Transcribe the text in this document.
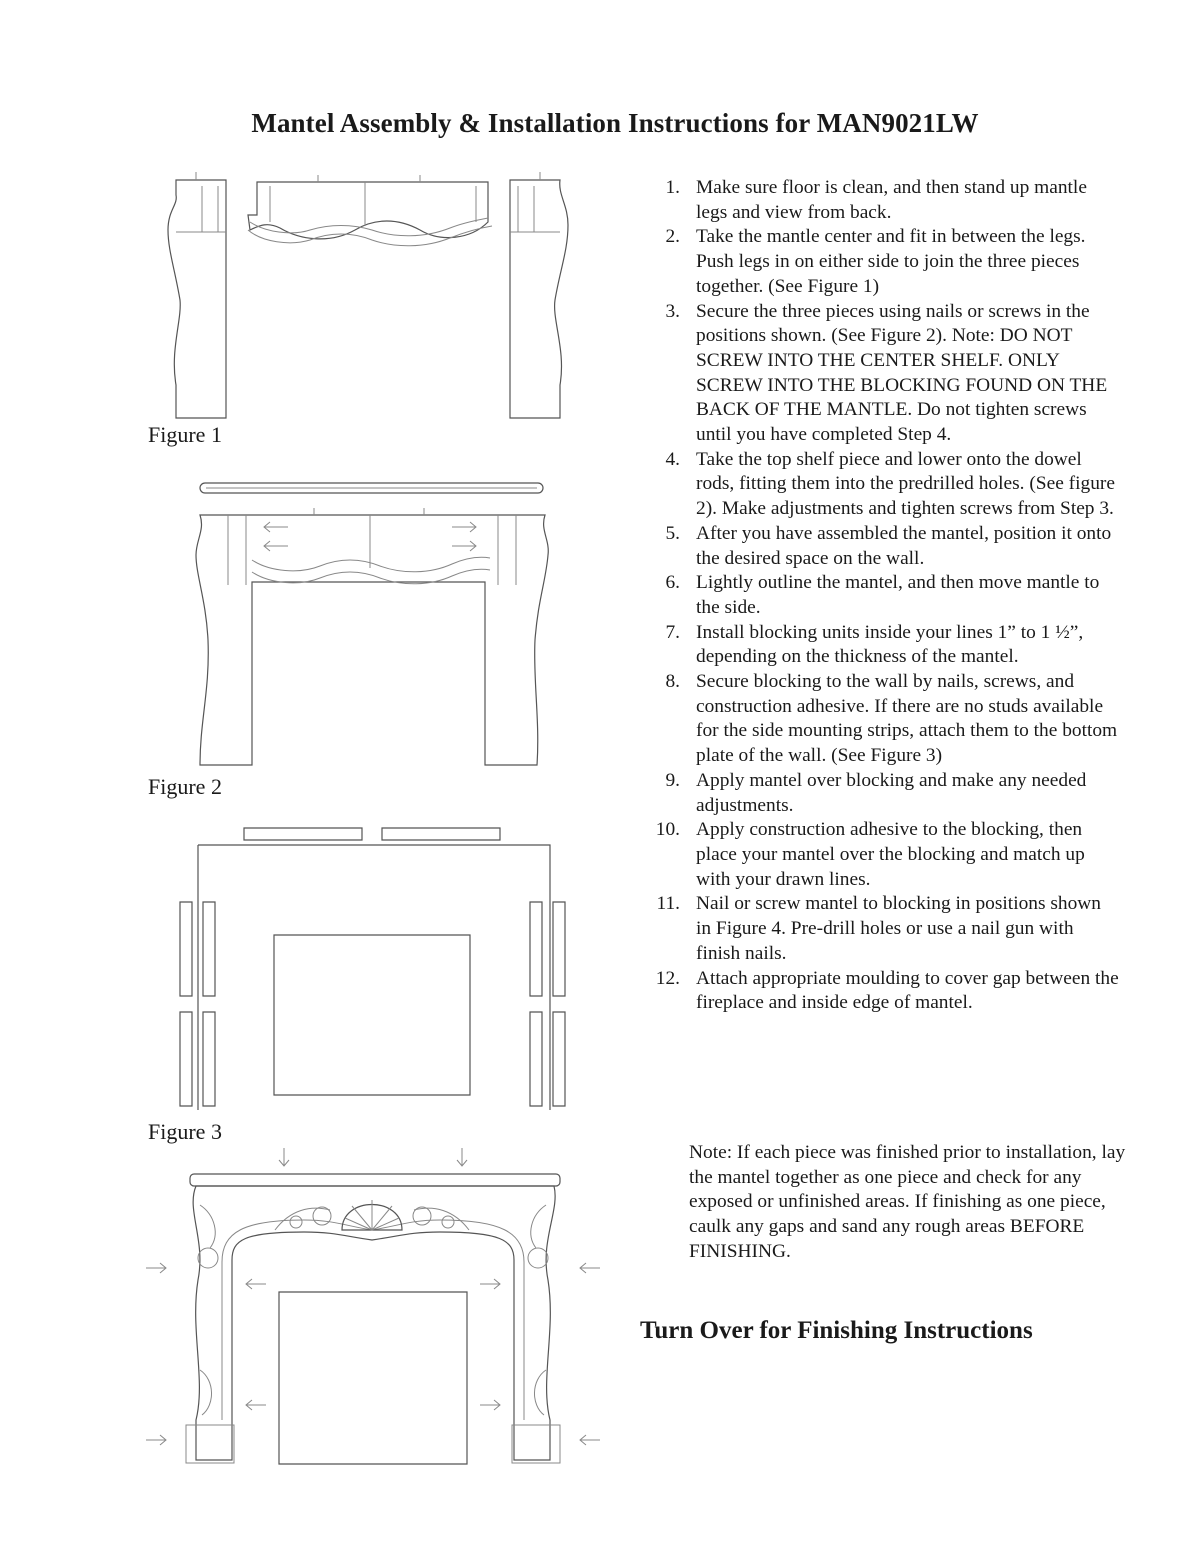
Mantel Assembly & Installation Instructions for MAN9021LW
Figure 1
Figure 2
Figure 3
1. Make sure floor is clean, and then stand up mantle legs and view from back.
2. Take the mantle center and fit in between the legs. Push legs in on either side to join the three pieces together. (See Figure 1)
3. Secure the three pieces using nails or screws in the positions shown. (See Figure 2). Note: DO NOT SCREW INTO THE CENTER SHELF. ONLY SCREW INTO THE BLOCKING FOUND ON THE BACK OF THE MANTLE. Do not tighten screws until you have completed Step 4.
4. Take the top shelf piece and lower onto the dowel rods, fitting them into the predrilled holes. (See figure 2). Make adjustments and tighten screws from Step 3.
5. After you have assembled the mantel, position it onto the desired space on the wall.
6. Lightly outline the mantel, and then move mantle to the side.
7. Install blocking units inside your lines 1” to 1 ½”, depending on the thickness of the mantel.
8. Secure blocking to the wall by nails, screws, and construction adhesive. If there are no studs available for the side mounting strips, attach them to the bottom plate of the wall. (See Figure 3)
9. Apply mantel over blocking and make any needed adjustments.
10. Apply construction adhesive to the blocking, then place your mantel over the blocking and match up with your drawn lines.
11. Nail or screw mantel to blocking in positions shown in Figure 4. Pre-drill holes or use a nail gun with finish nails.
12. Attach appropriate moulding to cover gap between the fireplace and inside edge of mantel.

Note: If each piece was finished prior to installation, lay the mantel together as one piece and check for any exposed or unfinished areas. If finishing as one piece, caulk any gaps and sand any rough areas BEFORE FINISHING.

Turn Over for Finishing Instructions
